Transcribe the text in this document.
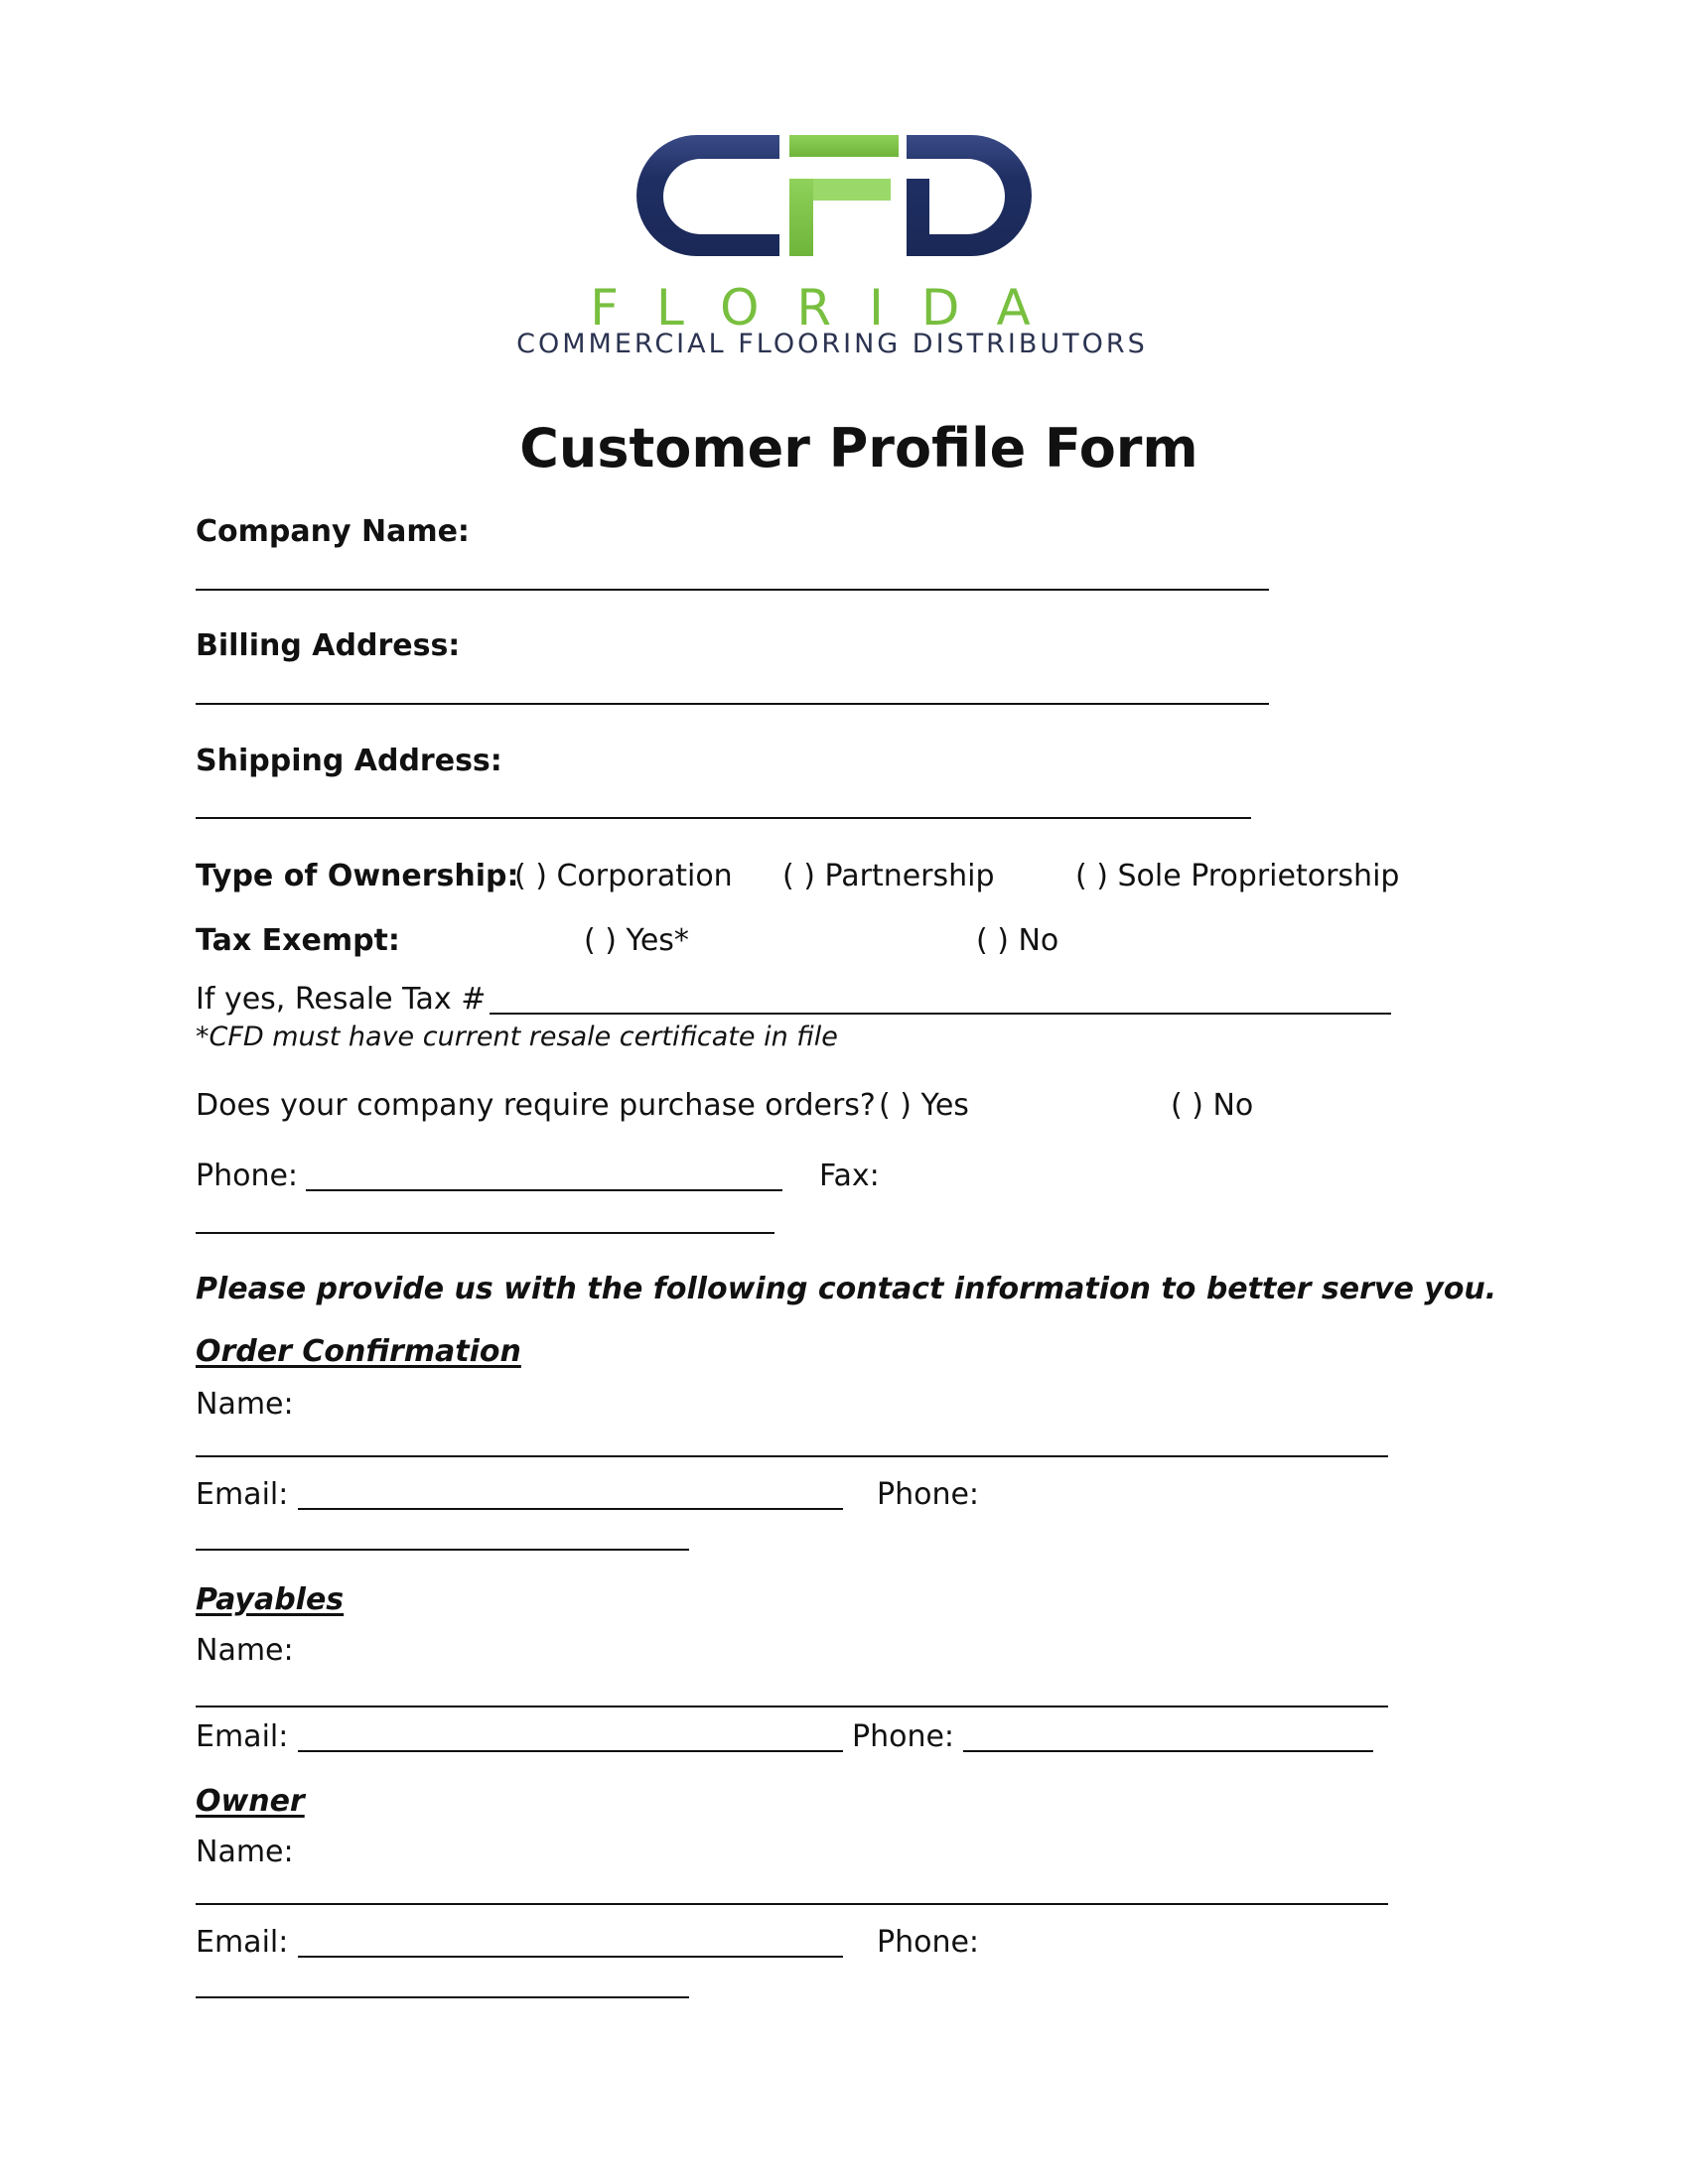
FLORIDA
COMMERCIAL FLOORING DISTRIBUTORS
Customer Profile Form
Company Name:
Billing Address:
Shipping Address:
Type of Ownership:
( ) Corporation ( ) Partnership	( ) Sole Proprietorship
Tax Exempt:	( ) Yes*	( ) No
If yes, Resale Tax #
*CFD must have current resale certificate in file
Does your company require purchase orders? ( ) Yes	( ) No
Phone:	Fax:
Please provide us with the following contact information to better serve you.
Order Confirmation
Name:
Email:	Phone:
Payables
Name:
Email:	Phone:
Owner
Name:
Email:	Phone:
